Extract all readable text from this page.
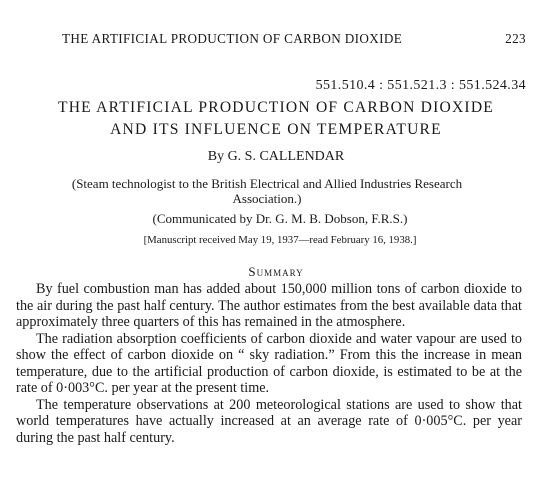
THE ARTIFICIAL PRODUCTION OF CARBON DIOXIDE	223
551.510.4 : 551.521.3 : 551.524.34
THE ARTIFICIAL PRODUCTION OF CARBON DIOXIDE
AND ITS INFLUENCE ON TEMPERATURE
By G. S. CALLENDAR
(Steam technologist to the British Electrical and Allied Industries Research Association.)
(Communicated by Dr. G. M. B. Dobson, F.R.S.)
[Manuscript received May 19, 1937—read February 16, 1938.]
Summary

By fuel combustion man has added about 150,000 million tons of carbon dioxide to the air during the past half century. The author estimates from the best available data that approximately three quarters of this has remained in the atmosphere.

The radiation absorption coefficients of carbon dioxide and water vapour are used to show the effect of carbon dioxide on “ sky radiation.” From this the increase in mean temperature, due to the artificial production of carbon dioxide, is estimated to be at the rate of 0·003°C. per year at the present time.

The temperature observations at 200 meteorological stations are used to show that world temperatures have actually increased at an average rate of 0·005°C. per year during the past half century.
